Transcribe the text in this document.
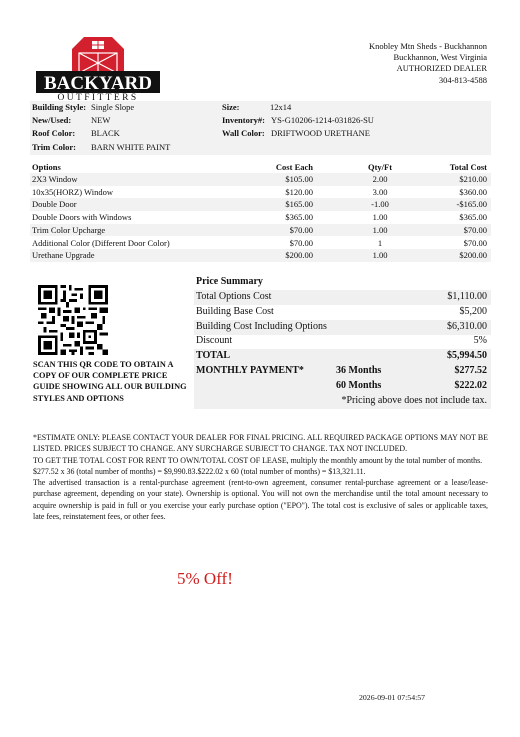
BACKYARD
OUTFITTERS
Knobley Mtn Sheds - Buckhannon
Buckhannon, West Virginia
AUTHORIZED DEALER
304-813-4588
Building Style: Single Slope	Size:	12x14
New/Used: NEW	Inventory#: YS-G10206-1214-031826-SU
Roof Color: BLACK	Wall Color: DRIFTWOOD URETHANE
Trim Color: BARN WHITE PAINT
Options	Cost Each	Qty/Ft	Total Cost
2X3 Window	$105.00	2.00	$210.00
10x35(HORZ) Window	$120.00	3.00	$360.00
Double Door	$165.00	-1.00	-$165.00
Double Doors with Windows	$365.00	1.00	$365.00
Trim Color Upcharge	$70.00	1.00	$70.00
Additional Color (Different Door Color)	$70.00	1	$70.00
Urethane Upgrade	$200.00	1.00	$200.00
SCAN THIS QR CODE TO OBTAIN A COPY OF OUR COMPLETE PRICE GUIDE SHOWING ALL OUR BUILDING STYLES AND OPTIONS
Price Summary
Total Options Cost	$1,110.00
Building Base Cost	$5,200
Building Cost Including Options	$6,310.00
Discount	5%
TOTAL	$5,994.50
MONTHLY PAYMENT*	36 Months	$277.52
60 Months	$222.02
*Pricing above does not include tax.

*ESTIMATE ONLY: PLEASE CONTACT YOUR DEALER FOR FINAL PRICING. ALL REQUIRED PACKAGE OPTIONS MAY NOT BE LISTED. PRICES SUBJECT TO CHANGE. ANY SURCHARGE SUBJECT TO CHANGE. TAX NOT INCLUDED.

TO GET THE TOTAL COST FOR RENT TO OWN/TOTAL COST OF LEASE, multiply the monthly amount by the total number of months.

$277.52 x 36 (total number of months) = $9,990.83.$222.02 x 60 (total number of months) = $13,321.11.

The advertised transaction is a rental-purchase agreement (rent-to-own agreement, consumer rental-purchase agreement or a lease/lease-purchase agreement, depending on your state). Ownership is optional. You will not own the merchandise until the total amount necessary to acquire ownership is paid in full or you exercise your early purchase option ("EPO"). The total cost is exclusive of sales or applicable taxes, late fees, reinstatement fees, or other fees.

5% Off!
2026-09-01 07:54:57
